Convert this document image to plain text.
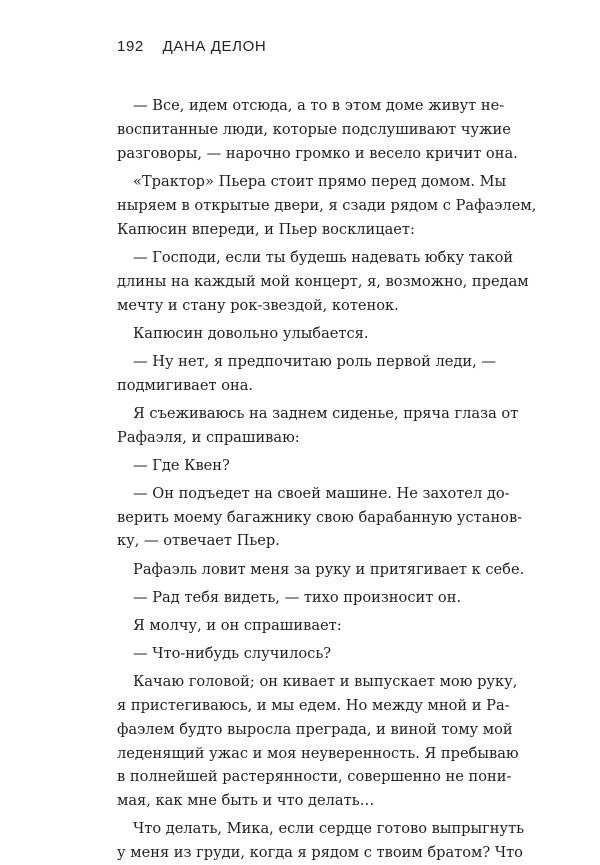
192 ДАНА ДЕЛОН
— Все, идем отсюда, а то в этом доме живут не-
воспитанные люди, которые подслушивают чужие
разговоры, — нарочно громко и весело кричит она.
«Трактор» Пьера стоит прямо перед домом. Мы
ныряем в открытые двери, я сзади рядом с Рафаэлем,
Капюсин впереди, и Пьер восклицает:
— Господи, если ты будешь надевать юбку такой
длины на каждый мой концерт, я, возможно, предам
мечту и стану рок-звездой, котенок.
Капюсин довольно улыбается.
— Ну нет, я предпочитаю роль первой леди, —
подмигивает она.
Я съеживаюсь на заднем сиденье, пряча глаза от
Рафаэля, и спрашиваю:
— Где Квен?
— Он подъедет на своей машине. Не захотел до-
верить моему багажнику свою барабанную установ-
ку, — отвечает Пьер.
Рафаэль ловит меня за руку и притягивает к себе.
— Рад тебя видеть, — тихо произносит он.
Я молчу, и он спрашивает:
— Что-нибудь случилось?
Качаю головой; он кивает и выпускает мою руку,
я пристегиваюсь, и мы едем. Но между мной и Ра-
фаэлем будто выросла преграда, и виной тому мой
леденящий ужас и моя неуверенность. Я пребываю
в полнейшей растерянности, совершенно не пони-
мая, как мне быть и что делать…
Что делать, Мика, если сердце готово выпрыгнуть
у меня из груди, когда я рядом с твоим братом? Что
